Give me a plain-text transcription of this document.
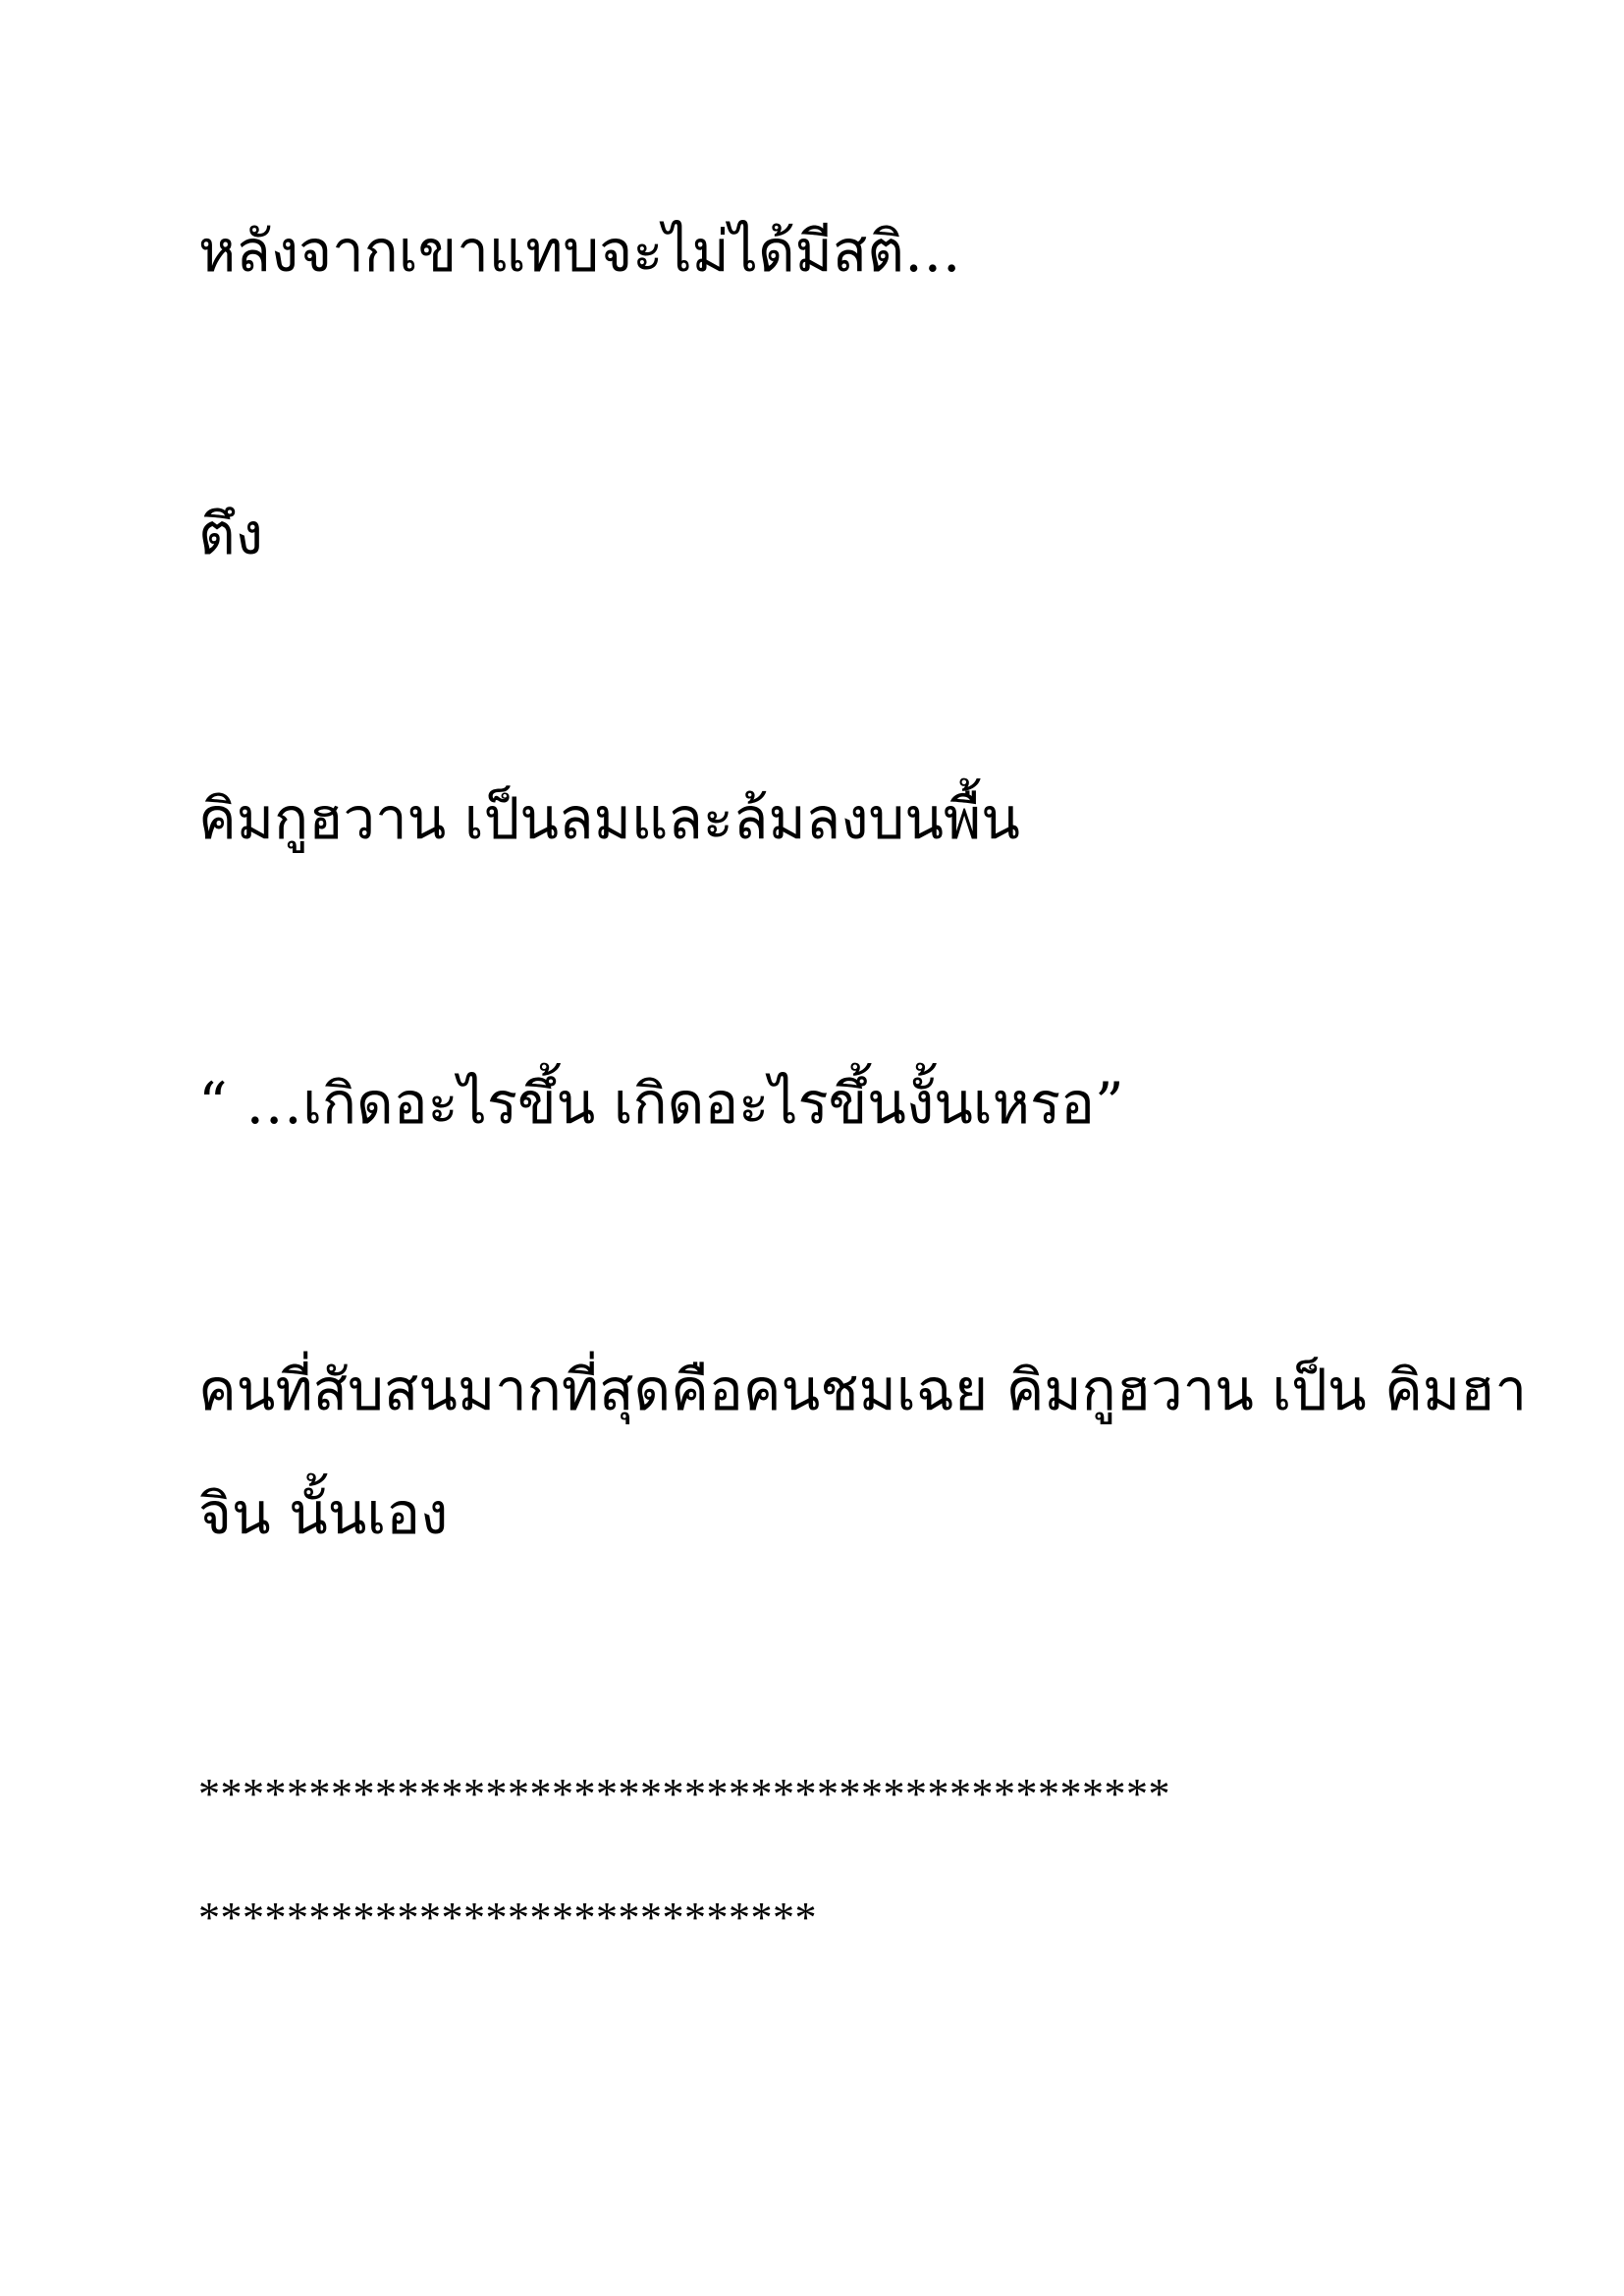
หลังจากเขาแทบจะไม่ได้มีสติ…
ตึง
คิมกูฮวาน เป็นลมและล้มลงบนพื้น
“ …เกิดอะไรขึ้น เกิดอะไรขึ้นงั้นเหรอ”
คนที่สับสนมากที่สุดคือคนชมเฉย คิมกูฮวาน เป็น คิมฮา
จิน นั้นเอง
********************************************
****************************
